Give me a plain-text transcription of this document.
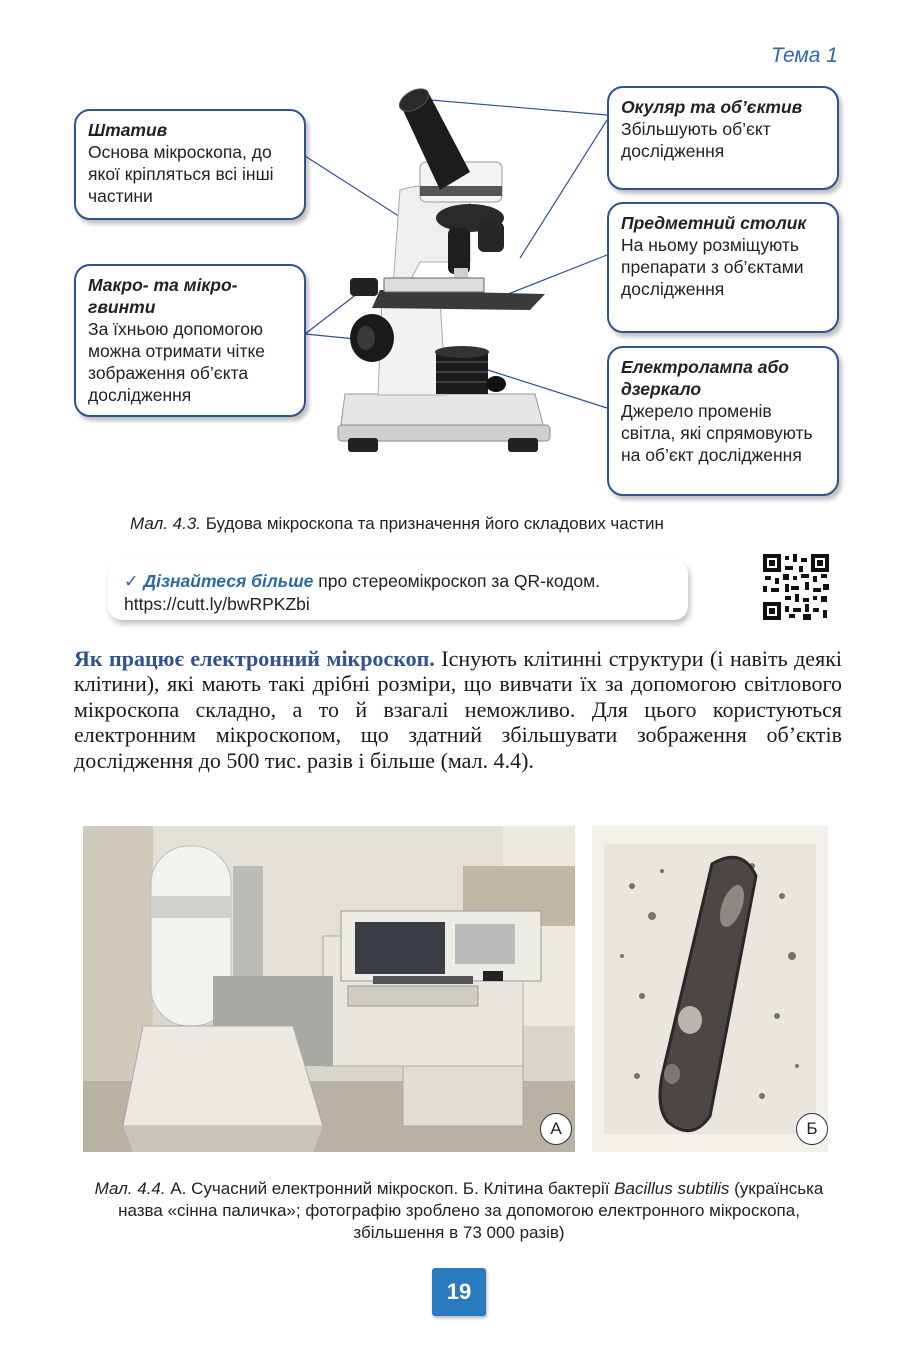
Тема 1
Штатив
Основа мікроскопа, до якої кріпляться всі інші частини
Макро- та мікро-гвинти
За їхньою допомогою можна отримати чітке зображення об’єкта дослідження
Окуляр та об’єктив
Збільшують об’єкт дослідження
Предметний столик
На ньому розміщують препарати з об’єктами дослідження
Електролампа або дзеркало
Джерело променів світла, які спрямовують на об’єкт дослідження
Мал. 4.3. Будова мікроскопа та призначення його складових частин
✓ Дізнайтеся більше про стереомікроскоп за QR-кодом.
https://cutt.ly/bwRPKZbi
Як працює електронний мікроскоп. Існують клітинні структури (і навіть деякі клітини), які мають такі дрібні розміри, що вивчати їх за допомогою світлового мікроскопа складно, а то й взагалі неможливо. Для цього користуються електронним мікроскопом, що здатний збільшувати зображення об’єктів дослідження до 500 тис. разів і більше (мал. 4.4).
А	Б
Мал. 4.4. А. Сучасний електронний мікроскоп. Б. Клітина бактерії Bacillus subtilis (українська назва «сінна паличка»; фотографію зроблено за допомогою електронного мікроскопа, збільшення в 73 000 разів)
19
